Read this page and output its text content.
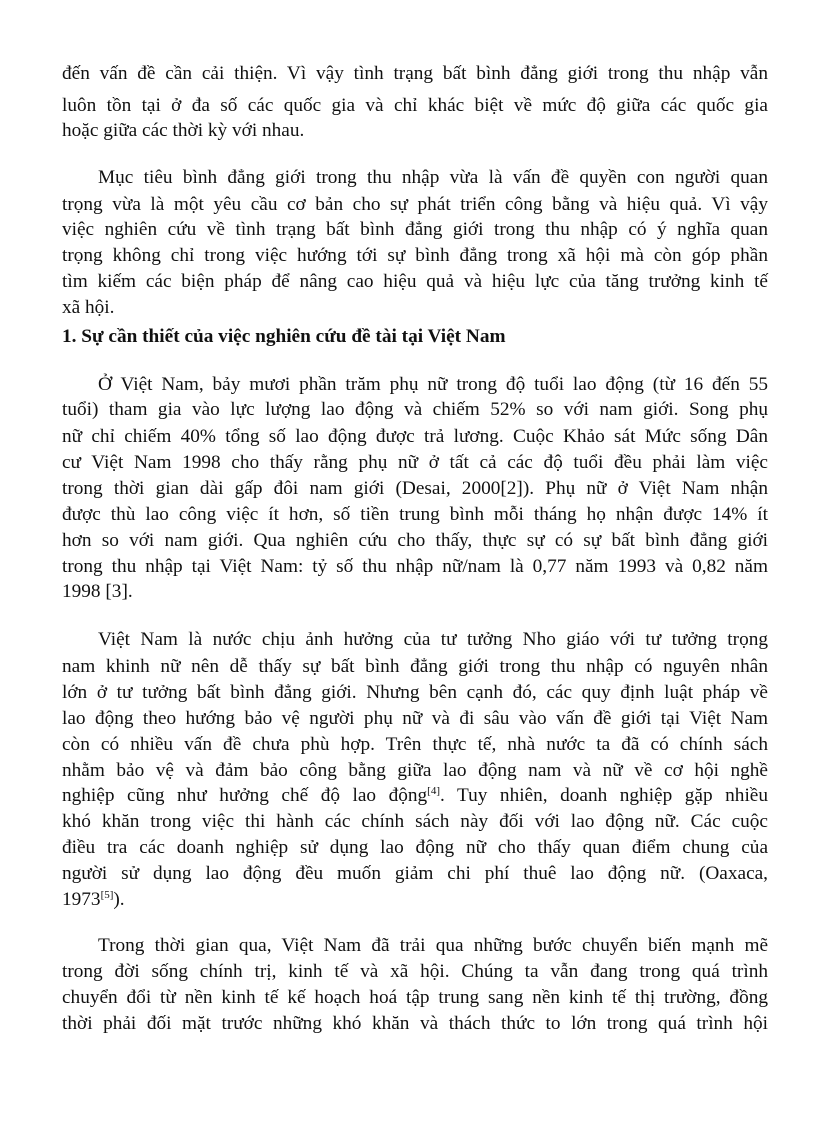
đến vấn đề cần cải thiện. Vì vậy tình trạng bất bình đẳng giới trong thu nhập vẫn
luôn tồn tại ở đa số các quốc gia và chỉ khác biệt về mức độ giữa các quốc gia
hoặc giữa các thời kỳ với nhau.
Mục tiêu bình đẳng giới trong thu nhập vừa là vấn đề quyền con người quan
trọng vừa là một yêu cầu cơ bản cho sự phát triển công bằng và hiệu quả. Vì vậy
việc nghiên cứu về tình trạng bất bình đẳng giới trong thu nhập có ý nghĩa quan
trọng không chỉ trong việc hướng tới sự bình đẳng trong xã hội mà còn góp phần
tìm kiếm các biện pháp để nâng cao hiệu quả và hiệu lực của tăng trưởng kinh tế
xã hội.
1. Sự cần thiết của việc nghiên cứu đề tài tại Việt Nam
Ở Việt Nam, bảy mươi phần trăm phụ nữ trong độ tuổi lao động (từ 16 đến 55
tuổi) tham gia vào lực lượng lao động và chiếm 52% so với nam giới. Song phụ
nữ chỉ chiếm 40% tổng số lao động được trả lương. Cuộc Khảo sát Mức sống Dân
cư Việt Nam 1998 cho thấy rằng phụ nữ ở tất cả các độ tuổi đều phải làm việc
trong thời gian dài gấp đôi nam giới (Desai, 2000[2]). Phụ nữ ở Việt Nam nhận
được thù lao công việc ít hơn, số tiền trung bình mỗi tháng họ nhận được 14% ít
hơn so với nam giới. Qua nghiên cứu cho thấy, thực sự có sự bất bình đẳng giới
trong thu nhập tại Việt Nam: tỷ số thu nhập nữ/nam là 0,77 năm 1993 và 0,82 năm
1998 [3].
Việt Nam là nước chịu ảnh hưởng của tư tưởng Nho giáo với tư tưởng trọng
nam khinh nữ nên dễ thấy sự bất bình đẳng giới trong thu nhập có nguyên nhân
lớn ở tư tưởng bất bình đẳng giới. Nhưng bên cạnh đó, các quy định luật pháp về
lao động theo hướng bảo vệ người phụ nữ và đi sâu vào vấn đề giới tại Việt Nam
còn có nhiều vấn đề chưa phù hợp. Trên thực tế, nhà nước ta đã có chính sách
nhằm bảo vệ và đảm bảo công bằng giữa lao động nam và nữ về cơ hội nghề
nghiệp cũng như hưởng chế độ lao động[4]. Tuy nhiên, doanh nghiệp gặp nhiều
khó khăn trong việc thi hành các chính sách này đối với lao động nữ. Các cuộc
điều tra các doanh nghiệp sử dụng lao động nữ cho thấy quan điểm chung của
người sử dụng lao động đều muốn giảm chi phí thuê lao động nữ. (Oaxaca,
1973[5]).
Trong thời gian qua, Việt Nam đã trải qua những bước chuyển biến mạnh mẽ
trong đời sống chính trị, kinh tế và xã hội. Chúng ta vẫn đang trong quá trình
chuyển đổi từ nền kinh tế kế hoạch hoá tập trung sang nền kinh tế thị trường, đồng
thời phải đối mặt trước những khó khăn và thách thức to lớn trong quá trình hội
